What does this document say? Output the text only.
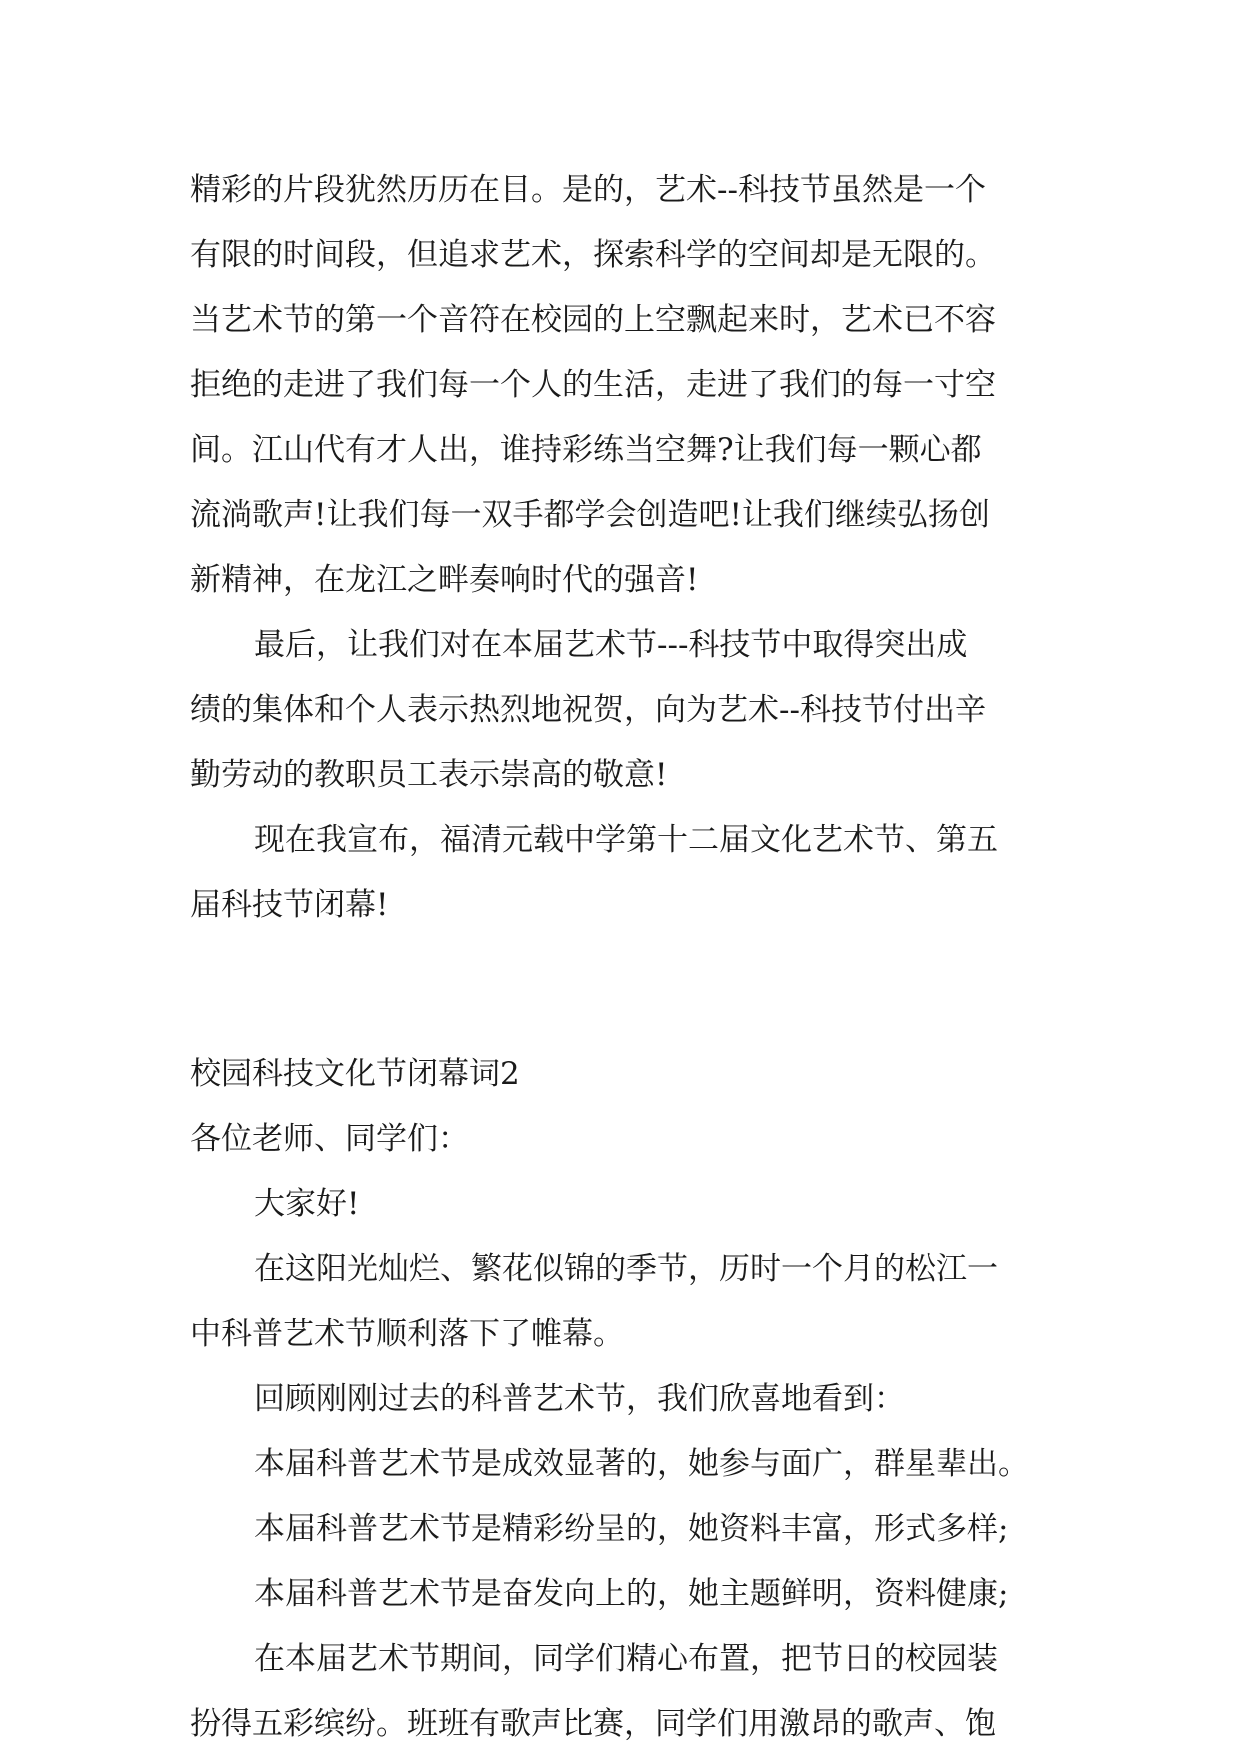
精彩的片段犹然历历在目。是的，艺术--科技节虽然是一个
有限的时间段，但追求艺术，探索科学的空间却是无限的。
当艺术节的第一个音符在校园的上空飘起来时，艺术已不容
拒绝的走进了我们每一个人的生活，走进了我们的每一寸空
间。江山代有才人出，谁持彩练当空舞?让我们每一颗心都
流淌歌声!让我们每一双手都学会创造吧!让我们继续弘扬创
新精神，在龙江之畔奏响时代的强音!
最后，让我们对在本届艺术节---科技节中取得突出成
绩的集体和个人表示热烈地祝贺，向为艺术--科技节付出辛
勤劳动的教职员工表示崇高的敬意!
现在我宣布，福清元载中学第十二届文化艺术节、第五
届科技节闭幕!
校园科技文化节闭幕词2
各位老师、同学们：
大家好!
在这阳光灿烂、繁花似锦的季节，历时一个月的松江一
中科普艺术节顺利落下了帷幕。
回顾刚刚过去的科普艺术节，我们欣喜地看到：
本届科普艺术节是成效显著的，她参与面广，群星辈出。
本届科普艺术节是精彩纷呈的，她资料丰富，形式多样;
本届科普艺术节是奋发向上的，她主题鲜明，资料健康;
在本届艺术节期间，同学们精心布置，把节日的校园装
扮得五彩缤纷。班班有歌声比赛，同学们用激昂的歌声、饱
